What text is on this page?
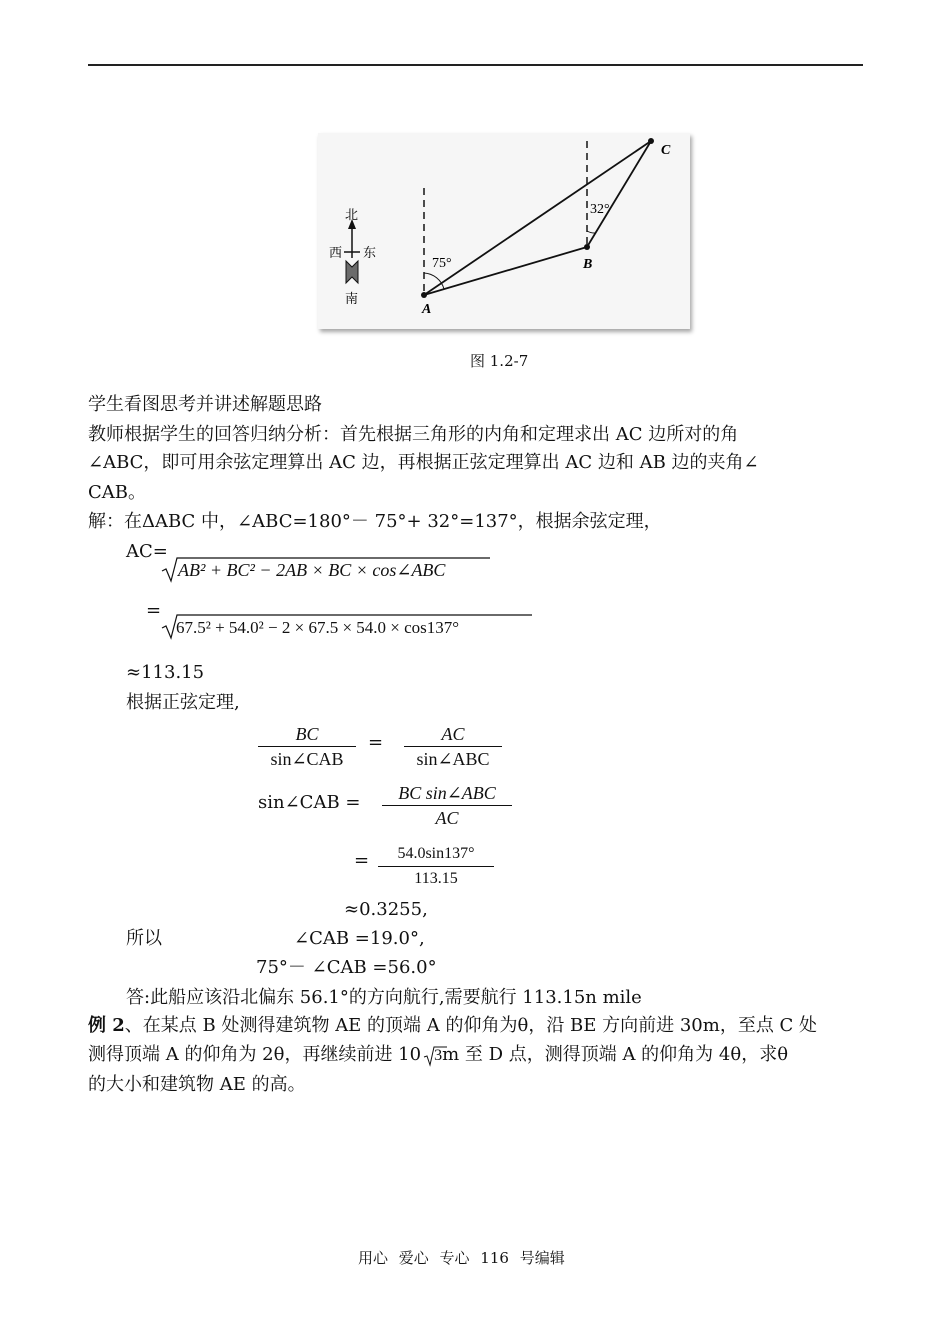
北
西 东
南
75°
32°
A
B
C
图 1.2-7
学生看图思考并讲述解题思路
教师根据学生的回答归纳分析：首先根据三角形的内角和定理求出 AC 边所对的角
∠ABC，即可用余弦定理算出 AC 边，再根据正弦定理算出 AC 边和 AB 边的夹角∠
CAB。
解：在ΔABC 中，∠ABC=180°－ 75°+ 32°=137°，根据余弦定理，
AC=
AB² + BC² − 2AB × BC × cos∠ABC
=
67.5² + 54.0² − 2 × 67.5 × 54.0 × cos137°
≈113.15
根据正弦定理,
BC
sin∠CAB
=	AC
sin∠ABC
sin∠CAB =	BC sin∠ABC
AC
=	54.0sin137°
113.15
≈0.3255,
所以	∠CAB =19.0°,
75°－ ∠CAB =56.0°
答:此船应该沿北偏东 56.1°的方向航行,需要航行 113.15n mile
例 2、在某点 B 处测得建筑物 AE 的顶端 A 的仰角为θ，沿 BE 方向前进 30m，至点 C 处
测得顶端 A 的仰角为 2θ，再继续前进 10 3m 至 D 点，测得顶端 A 的仰角为 4θ，求θ
的大小和建筑物 AE 的高。
用心 爱心 专心 116 号编辑
